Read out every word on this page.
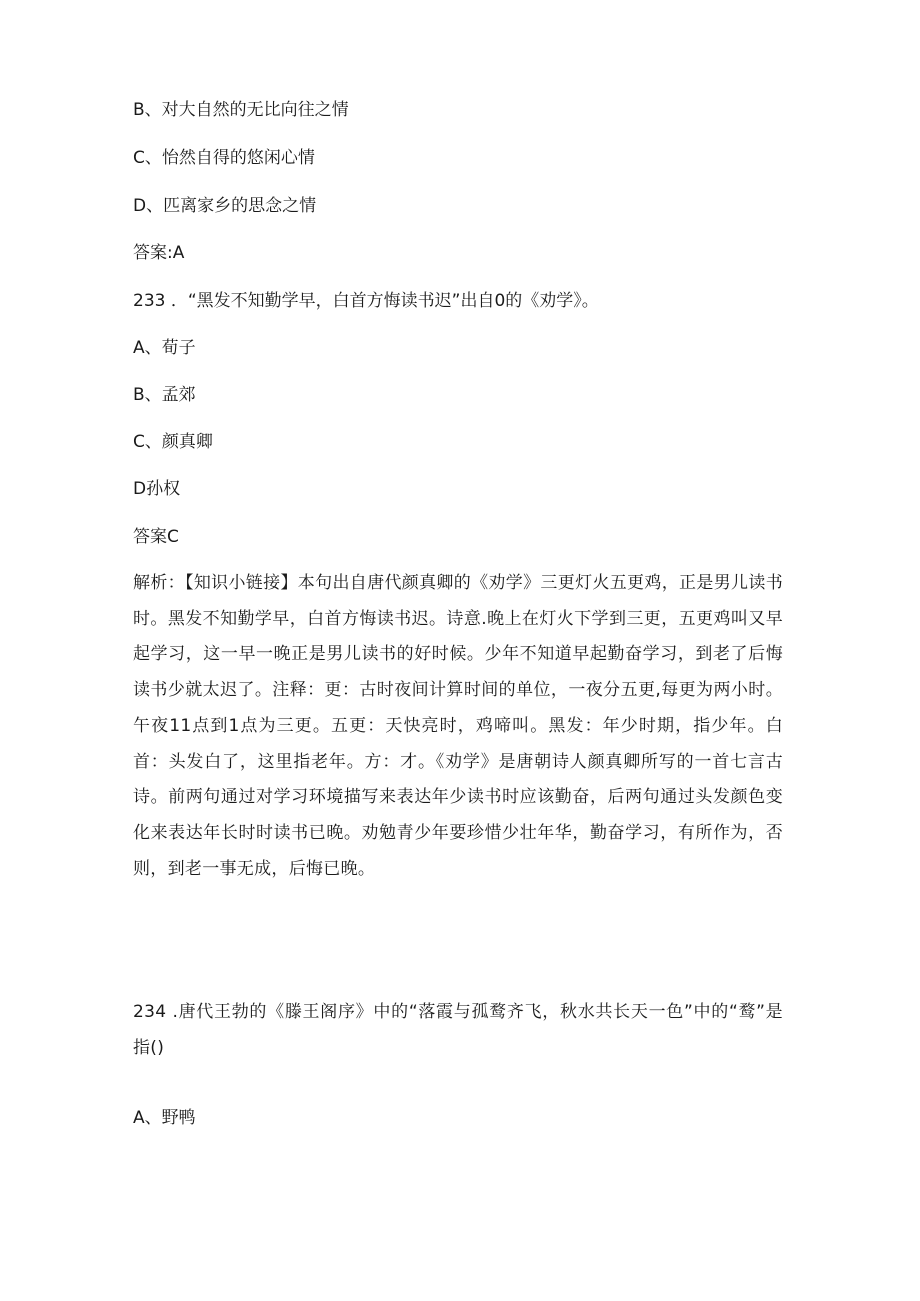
B、对大自然的无比向往之情

C、怡然自得的悠闲心情

D、匹离家乡的思念之情

答案:A

233 ．“黑发不知勤学早，白首方悔读书迟”出自0的《劝学》。

A、荀子

B、孟郊

C、颜真卿

D孙权

答案C

解析：【知识小链接】本句出自唐代颜真卿的《劝学》三更灯火五更鸡，正是男儿读书时。黑发不知勤学早，白首方悔读书迟。诗意.晚上在灯火下学到三更，五更鸡叫又早起学习，这一早一晚正是男儿读书的好时候。少年不知道早起勤奋学习，到老了后悔读书少就太迟了。注释：更：古时夜间计算时间的单位，一夜分五更,每更为两小时。午夜11点到1点为三更。五更：天快亮时，鸡啼叫。黑发：年少时期，指少年。白首：头发白了，这里指老年。方：才。《劝学》是唐朝诗人颜真卿所写的一首七言古诗。前两句通过对学习环境描写来表达年少读书时应该勤奋，后两句通过头发颜色变化来表达年长时时读书已晚。劝勉青少年要珍惜少壮年华，勤奋学习，有所作为，否则，到老一事无成，后悔已晚。

234 .唐代王勃的《滕王阁序》中的“落霞与孤鹜齐飞，秋水共长天一色”中的“鹜”是指()

A、野鸭
